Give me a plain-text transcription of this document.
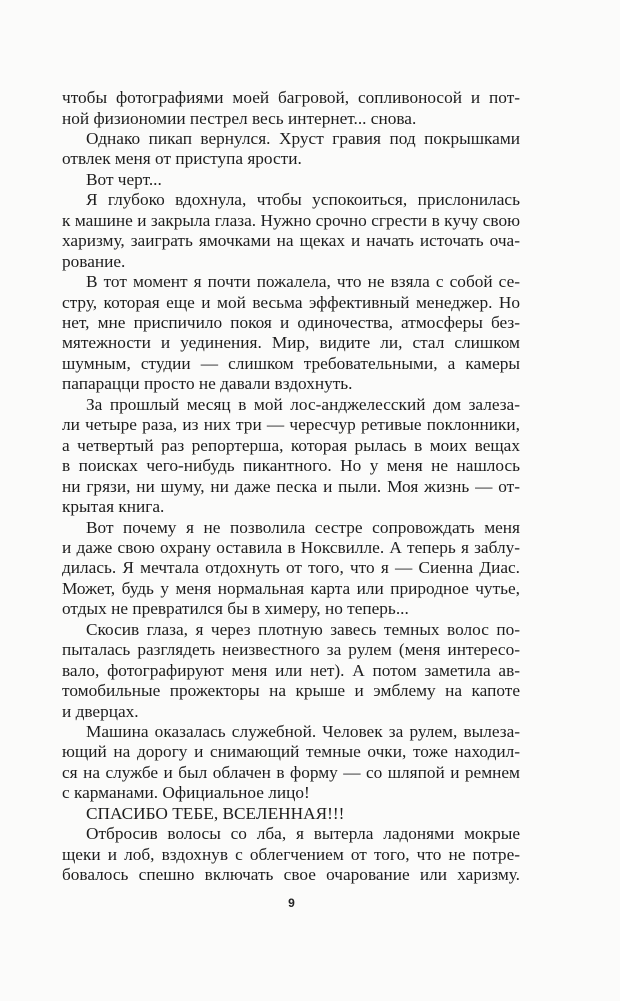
чтобы фотографиями моей багровой, сопливоносой и пот-
ной физиономии пестрел весь интернет... снова.
Однако пикап вернулся. Хруст гравия под покрышками
отвлек меня от приступа ярости.
Вот черт...
Я глубоко вдохнула, чтобы успокоиться, прислонилась
к машине и закрыла глаза. Нужно срочно сгрести в кучу свою
харизму, заиграть ямочками на щеках и начать источать оча-
рование.
В тот момент я почти пожалела, что не взяла с собой се-
стру, которая еще и мой весьма эффективный менеджер. Но
нет, мне приспичило покоя и одиночества, атмосферы без-
мятежности и уединения. Мир, видите ли, стал слишком
шумным, студии — слишком требовательными, а камеры
папарацци просто не давали вздохнуть.
За прошлый месяц в мой лос-анджелесский дом залеза-
ли четыре раза, из них три — чересчур ретивые поклонники,
а четвертый раз репортерша, которая рылась в моих вещах
в поисках чего-нибудь пикантного. Но у меня не нашлось
ни грязи, ни шуму, ни даже песка и пыли. Моя жизнь — от-
крытая книга.
Вот почему я не позволила сестре сопровождать меня
и даже свою охрану оставила в Ноксвилле. А теперь я заблу-
дилась. Я мечтала отдохнуть от того, что я — Сиенна Диас.
Может, будь у меня нормальная карта или природное чутье,
отдых не превратился бы в химеру, но теперь...
Скосив глаза, я через плотную завесь темных волос по-
пыталась разглядеть неизвестного за рулем (меня интересо-
вало, фотографируют меня или нет). А потом заметила ав-
томобильные прожекторы на крыше и эмблему на капоте
и дверцах.
Машина оказалась служебной. Человек за рулем, вылеза-
ющий на дорогу и снимающий темные очки, тоже находил-
ся на службе и был облачен в форму — со шляпой и ремнем
с карманами. Официальное лицо!
СПАСИБО ТЕБЕ, ВСЕЛЕННАЯ!!!
Отбросив волосы со лба, я вытерла ладонями мокрые
щеки и лоб, вздохнув с облегчением от того, что не потре-
бовалось спешно включать свое очарование или харизму.
9
